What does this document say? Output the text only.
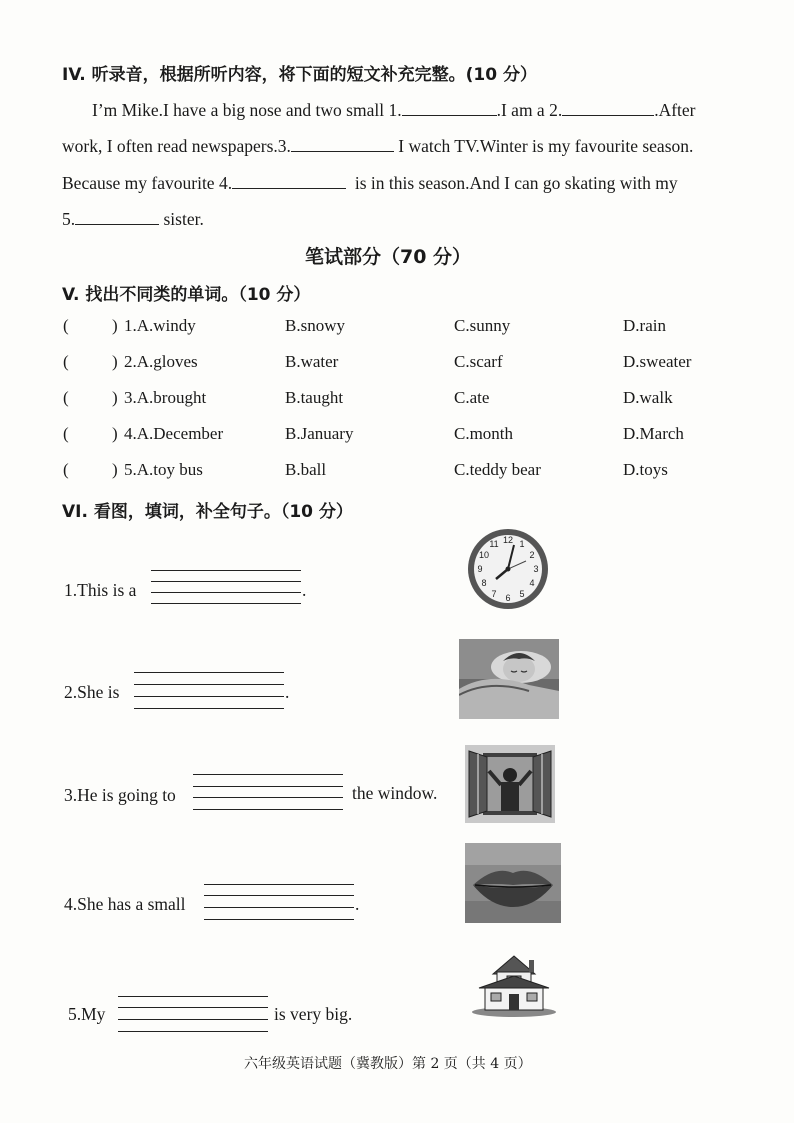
IV. 听录音，根据所听内容，将下面的短文补充完整。(10 分）
I’m Mike.I have a big nose and two small 1.	.I am a 2.	.After
work, I often read newspapers.3.	I watch TV.Winter is my favourite season.
Because my favourite 4.	is in this season.And I can go skating with my
5.	sister.
笔试部分（70 分）
V. 找出不同类的单词。（10 分）
(	) 1.A.windy	B.snowy	C.sunny	D.rain
(	) 2.A.gloves	B.water	C.scarf	D.sweater
(	) 3.A.brought	B.taught	C.ate	D.walk
(	) 4.A.December	B.January	C.month	D.March
(	) 5.A.toy bus	B.ball	C.teddy bear	D.toys
VI. 看图，填词，补全句子。（10 分）
1.This is a	.
12 1
2
3
4
5
6
7
8
9
10
11
2.She is	.
3.He is going to	the window.
4.She has a small	.
5.My	is very big.
六年级英语试题（冀教版）第 2 页（共 4 页）
